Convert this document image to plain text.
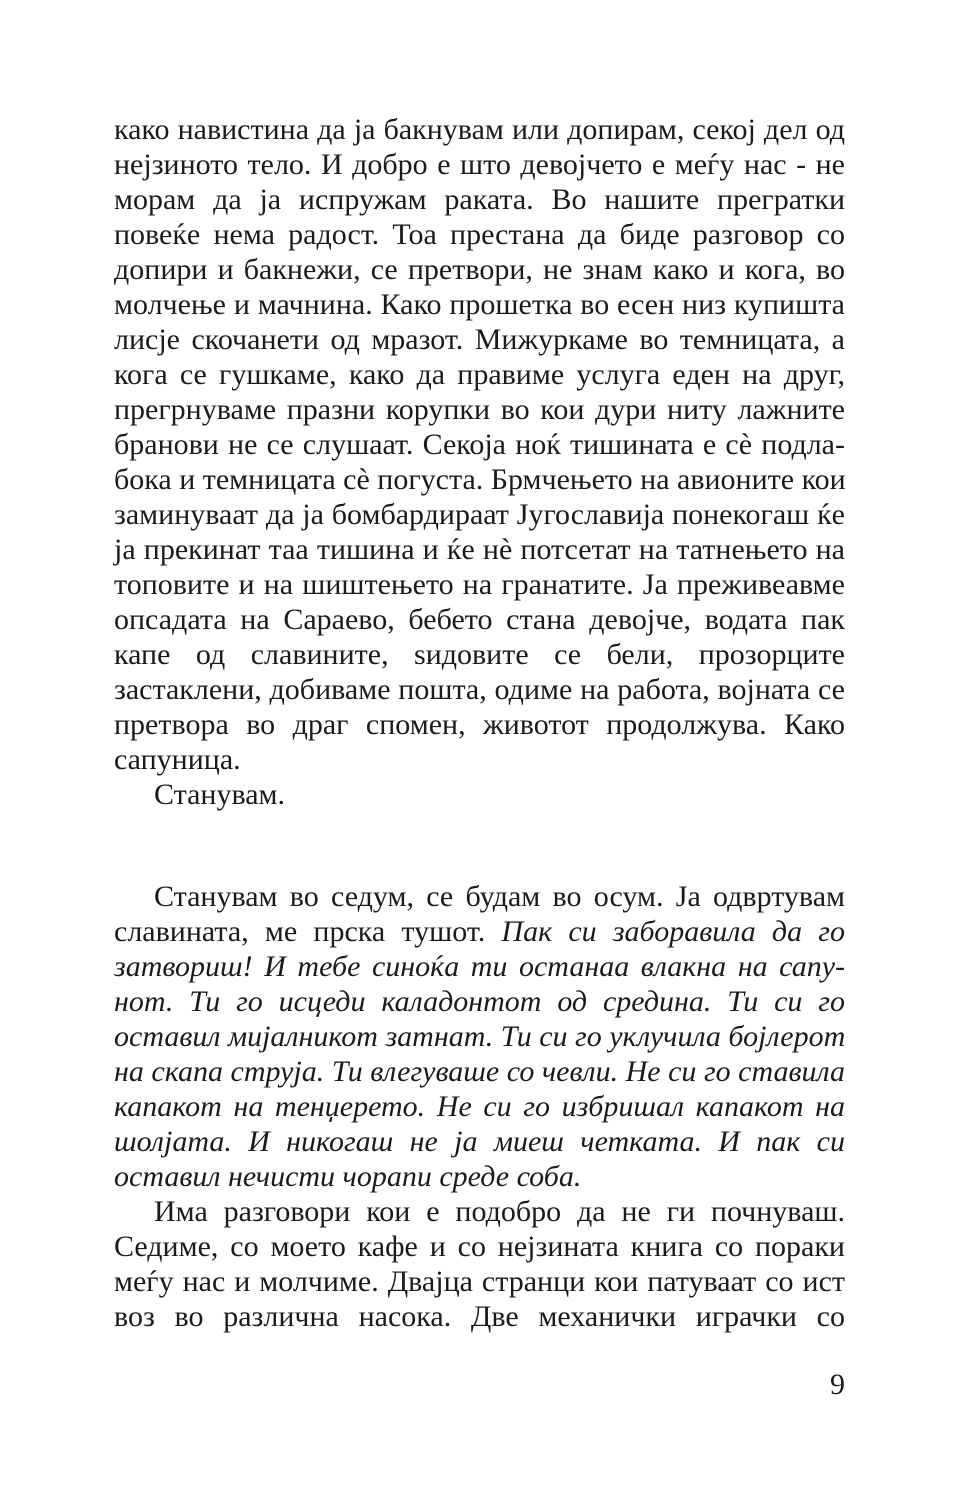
како навистина да ја бакнувам или допирам, секој дел од
нејзиното тело. И добро е што девојчето е меѓу нас - не
морам да ја испружам раката. Во нашите прегратки
повеќе нема радост. Тоа престана да биде разговор со
допири и бакнежи, се претвори, не знам како и кога, во
молчење и мачнина. Како прошетка во есен низ купишта
лисје скочанети од мразот. Мижуркаме во темницата, а
кога се гушкаме, како да правиме услуга еден на друг,
прегрнуваме празни корупки во кои дури ниту лажните
бранови не се слушаат. Секоја ноќ тишината е сè подла-
бока и темницата сè погуста. Брмчењето на авионите кои
заминуваат да ја бомбардираат Југославија понекогаш ќе
ја прекинат таа тишина и ќе нè потсетат на татнењето на
топовите и на шиштењето на гранатите. Ја преживеавме
опсадата на Сараево, бебето стана девојче, водата пак
капе од славините, ѕидовите се бели, прозорците
застаклени, добиваме пошта, одиме на работа, војната се
претвора во драг спомен, животот продолжува. Како
сапуница.
Станувам.
Станувам во седум, се будам во осум. Ја одвртувам
славината, ме прска тушот. Пак си заборавила да го
затвориш! И тебе синоќа ти останаа влакна на сапу-
нот. Ти го исцеди каладонтот од средина. Ти си го
оставил мијалникот затнат. Ти си го уклучила бојлерот
на скапа струја. Ти влегуваше со чевли. Не си го ставила
капакот на тенџерето. Не си го избришал капакот на
шолјата. И никогаш не ја миеш четката. И пак си
оставил нечисти чорапи среде соба.
Има разговори кои е подобро да не ги почнуваш.
Седиме, со моето кафе и со нејзината книга со пораки
меѓу нас и молчиме. Двајца странци кои патуваат со ист
воз во различна насока. Две механички играчки со
9
